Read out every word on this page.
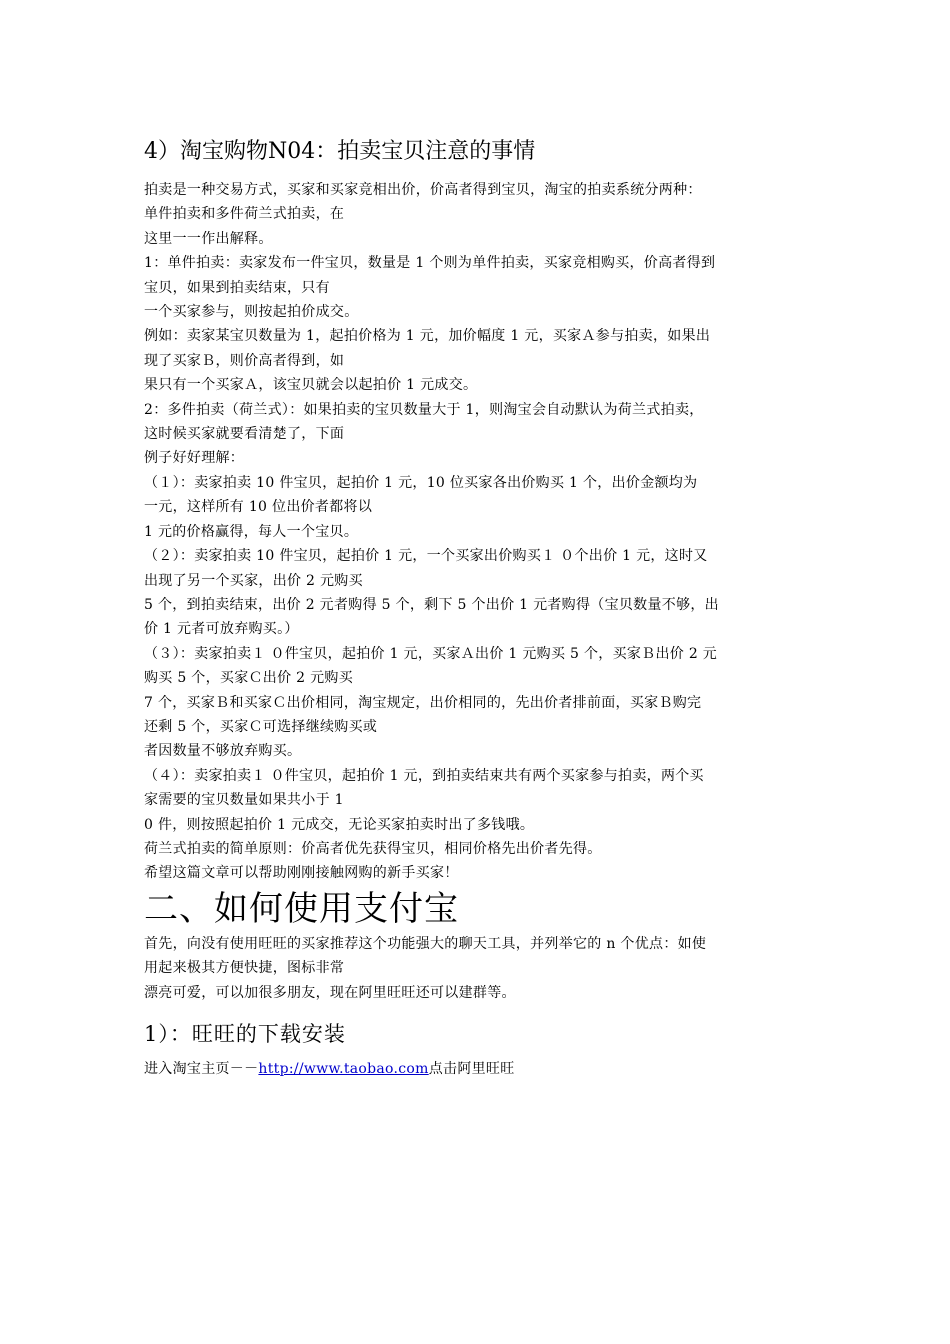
4）淘宝购物N04：拍卖宝贝注意的事情

拍卖是一种交易方式，买家和买家竞相出价，价高者得到宝贝，淘宝的拍卖系统分两种：

单件拍卖和多件荷兰式拍卖，在

这里一一作出解释。

1：单件拍卖：卖家发布一件宝贝，数量是 1 个则为单件拍卖，买家竞相购买，价高者得到

宝贝，如果到拍卖结束，只有

一个买家参与，则按起拍价成交。

例如：卖家某宝贝数量为 1，起拍价格为 1 元，加价幅度 1 元，买家Ａ参与拍卖，如果出

现了买家Ｂ，则价高者得到，如

果只有一个买家Ａ，该宝贝就会以起拍价 1 元成交。

2：多件拍卖（荷兰式）：如果拍卖的宝贝数量大于 1，则淘宝会自动默认为荷兰式拍卖，

这时候买家就要看清楚了，下面

例子好好理解：

（１）：卖家拍卖 10 件宝贝，起拍价 1 元，10 位买家各出价购买 1 个，出价金额均为

一元，这样所有 10 位出价者都将以

1 元的价格赢得，每人一个宝贝。

（２）：卖家拍卖 10 件宝贝，起拍价 1 元，一个买家出价购买１ ０个出价 1 元，这时又

出现了另一个买家，出价 2 元购买

5 个，到拍卖结束，出价 2 元者购得 5 个，剩下 5 个出价 1 元者购得（宝贝数量不够，出

价 1 元者可放弃购买。）

（３）：卖家拍卖１ ０件宝贝，起拍价 1 元，买家Ａ出价 1 元购买 5 个，买家Ｂ出价 2 元

购买 5 个，买家Ｃ出价 2 元购买

7 个，买家Ｂ和买家Ｃ出价相同，淘宝规定，出价相同的，先出价者排前面，买家Ｂ购完

还剩 5 个，买家Ｃ可选择继续购买或

者因数量不够放弃购买。

（４）：卖家拍卖１ ０件宝贝，起拍价 1 元，到拍卖结束共有两个买家参与拍卖，两个买

家需要的宝贝数量如果共小于 1

0 件，则按照起拍价 1 元成交，无论买家拍卖时出了多钱哦。

荷兰式拍卖的简单原则：价高者优先获得宝贝，相同价格先出价者先得。

希望这篇文章可以帮助刚刚接触网购的新手买家！

二、如何使用支付宝

首先，向没有使用旺旺的买家推荐这个功能强大的聊天工具，并列举它的 n 个优点：如使

用起来极其方便快捷，图标非常

漂亮可爱，可以加很多朋友，现在阿里旺旺还可以建群等。

1）：旺旺的下载安装

进入淘宝主页－－http://www.taobao.com点击阿里旺旺
